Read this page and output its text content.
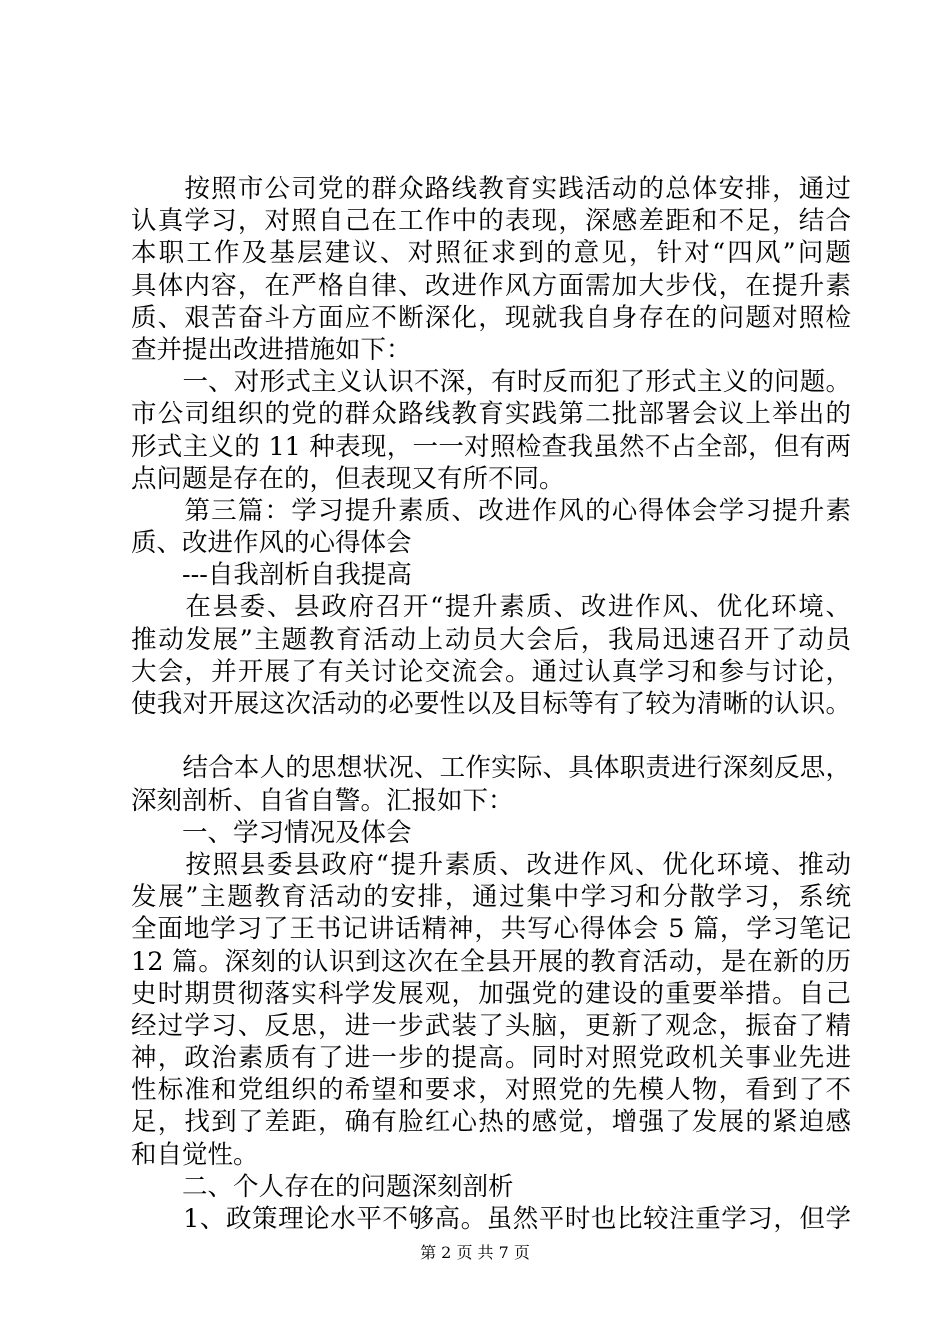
　　按照市公司党的群众路线教育实践活动的总体安排，通过
认真学习，对照自己在工作中的表现，深感差距和不足，结合
本职工作及基层建议、对照征求到的意见，针对“四风”问题
具体内容，在严格自律、改进作风方面需加大步伐，在提升素
质、艰苦奋斗方面应不断深化，现就我自身存在的问题对照检
查并提出改进措施如下：
　　一、对形式主义认识不深，有时反而犯了形式主义的问题。
市公司组织的党的群众路线教育实践第二批部署会议上举出的
形式主义的 11 种表现，一一对照检查我虽然不占全部，但有两
点问题是存在的，但表现又有所不同。
　　第三篇：学习提升素质、改进作风的心得体会学习提升素
质、改进作风的心得体会
　　---自我剖析自我提高
　　在县委、县政府召开“提升素质、改进作风、优化环境、
推动发展”主题教育活动上动员大会后，我局迅速召开了动员
大会，并开展了有关讨论交流会。通过认真学习和参与讨论，
使我对开展这次活动的必要性以及目标等有了较为清晰的认识。
　　结合本人的思想状况、工作实际、具体职责进行深刻反思，
深刻剖析、自省自警。汇报如下：
　　一、学习情况及体会
　　按照县委县政府“提升素质、改进作风、优化环境、推动
发展”主题教育活动的安排，通过集中学习和分散学习，系统
全面地学习了王书记讲话精神，共写心得体会 5 篇，学习笔记
12 篇。深刻的认识到这次在全县开展的教育活动，是在新的历
史时期贯彻落实科学发展观，加强党的建设的重要举措。自己
经过学习、反思，进一步武装了头脑，更新了观念，振奋了精
神，政治素质有了进一步的提高。同时对照党政机关事业先进
性标准和党组织的希望和要求，对照党的先模人物，看到了不
足，找到了差距，确有脸红心热的感觉，增强了发展的紧迫感
和自觉性。
　　二、个人存在的问题深刻剖析
　　1、政策理论水平不够高。虽然平时也比较注重学习，但学
第 2 页 共 7 页
